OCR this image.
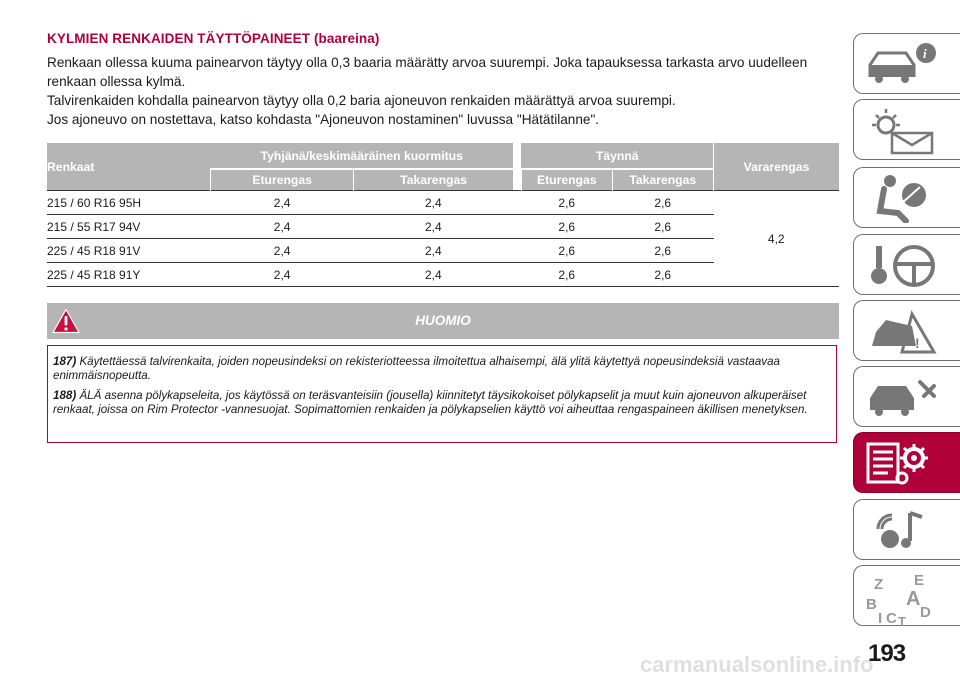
KYLMIEN RENKAIDEN TÄYTTÖPAINEET (baareina)

Renkaan ollessa kuuma painearvon täytyy olla 0,3 baaria määrätty arvoa suurempi. Joka tapauksessa tarkasta arvo uudelleen renkaan ollessa kylmä.

Talvirenkaiden kohdalla painearvon täytyy olla 0,2 baria ajoneuvon renkaiden määrättyä arvoa suurempi.

Jos ajoneuvo on nostettava, katso kohdasta "Ajoneuvon nostaminen" luvussa "Hätätilanne".

Renkaat	Tyhjänä/keskimääräinen kuormitus			Täynnä		Vararengas
	Eturengas	Takarengas		Eturengas	Takarengas	
215 / 60 R16 95H	2,4	2,4		2,6	2,6	4,2
215 / 55 R17 94V	2,4	2,4		2,6	2,6	
225 / 45 R18 91V	2,4	2,4		2,6	2,6	
225 / 45 R18 91Y	2,4	2,4		2,6	2,6	
HUOMIO

187) Käytettäessä talvirenkaita, joiden nopeusindeksi on rekisteriotteessa ilmoitettua alhaisempi, älä ylitä käytettyä nopeusindeksiä vastaavaa enimmäisnopeutta.

188) ÄLÄ asenna pölykapseleita, jos käytössä on teräsvanteisiin (jousella) kiinnitetyt täysikokoiset pölykapselit ja muut kuin ajoneuvon alkuperäiset renkaat, joissa on Rim Protector -vannesuojat. Sopimattomien renkaiden ja pölykapselien käyttö voi aiheuttaa rengaspaineen äkillisen menetyksen.

i
!
Z E
B A
C D
I T
193
carmanualsonline.info
